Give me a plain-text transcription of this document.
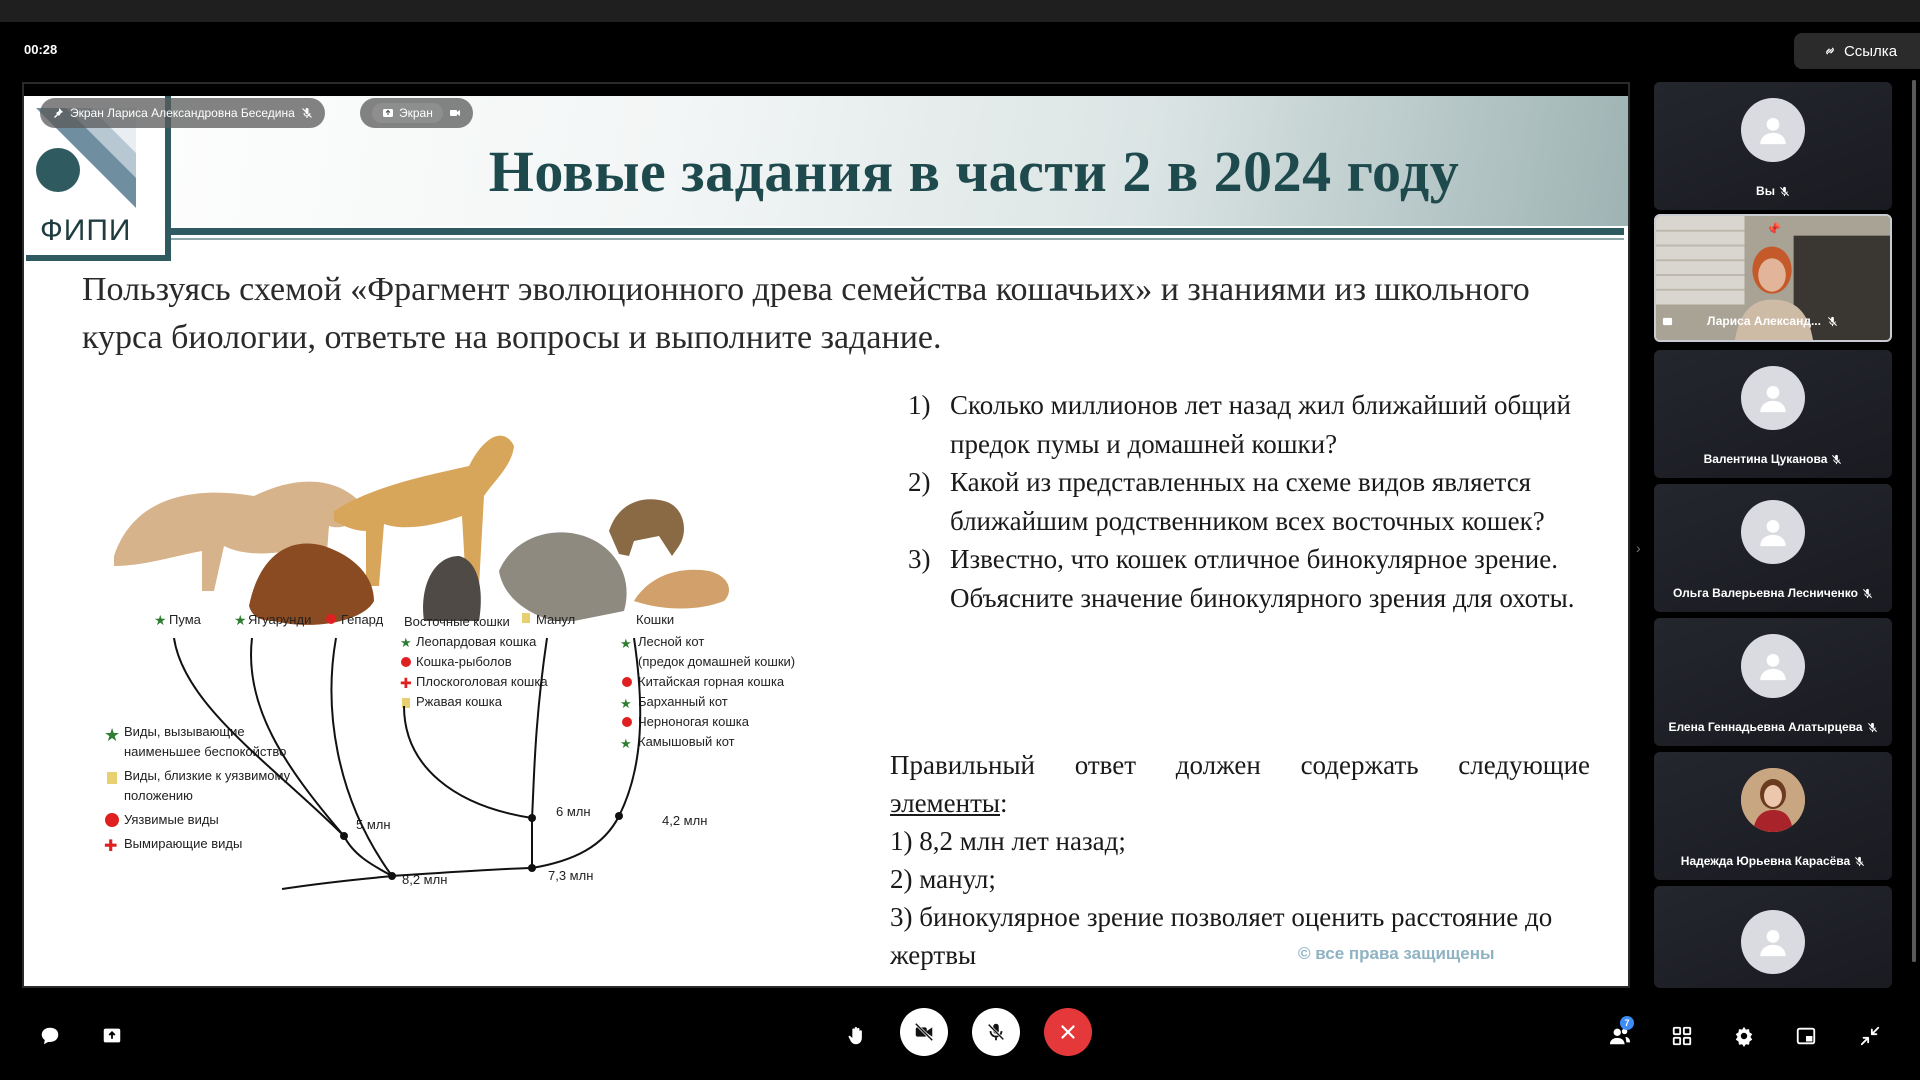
00:28	Ссылка
Новые задания в части 2 в 2024 году
ФИПИ
Пользуясь схемой «Фрагмент эволюционного древа семейства кошачьих» и знаниями из школьного курса биологии, ответьте на вопросы и выполните задание.
Пума	Ягуарунди Гепард Восточные кошки Манул	Кошки
Леопардовая кошка
Кошка-рыболов
Плоскоголовая кошка
Ржавая кошка
Лесной кот
(предок домашней кошки)
Китайская горная кошка
Барханный кот
Черноногая кошка
Камышовый кот
Виды, вызывающие
наименьшее беспокойство
Виды, близкие к уязвимому
положению
Уязвимые виды
Вымирающие виды
5 млн
8,2 млн	7,3 млн
6 млн
4,2 млн
★	★
★
✚
★
★
★
★
✚
1) Сколько миллионов лет назад жил ближайший общий предок пумы и домашней кошки?
2) Какой из представленных на схеме видов является ближайшим родственником всех восточных кошек?
3) Известно, что кошек отличное бинокулярное зрение. Объясните значение бинокулярного зрения для охоты.
Правильный ответ должен содержать следующие
элементы:
1) 8,2 млн лет назад;
2) манул;
3) бинокулярное зрение позволяет оценить расстояние до жертвы	© все права защищены
Экран Лариса Александровна Беседина	Экран
›
Вы
📌
Лариса Александ...
Валентина Цуканова
Ольга Валерьевна Лесниченко
Елена Геннадьевна Алатырцева
Надежда Юрьевна Карасёва
7
